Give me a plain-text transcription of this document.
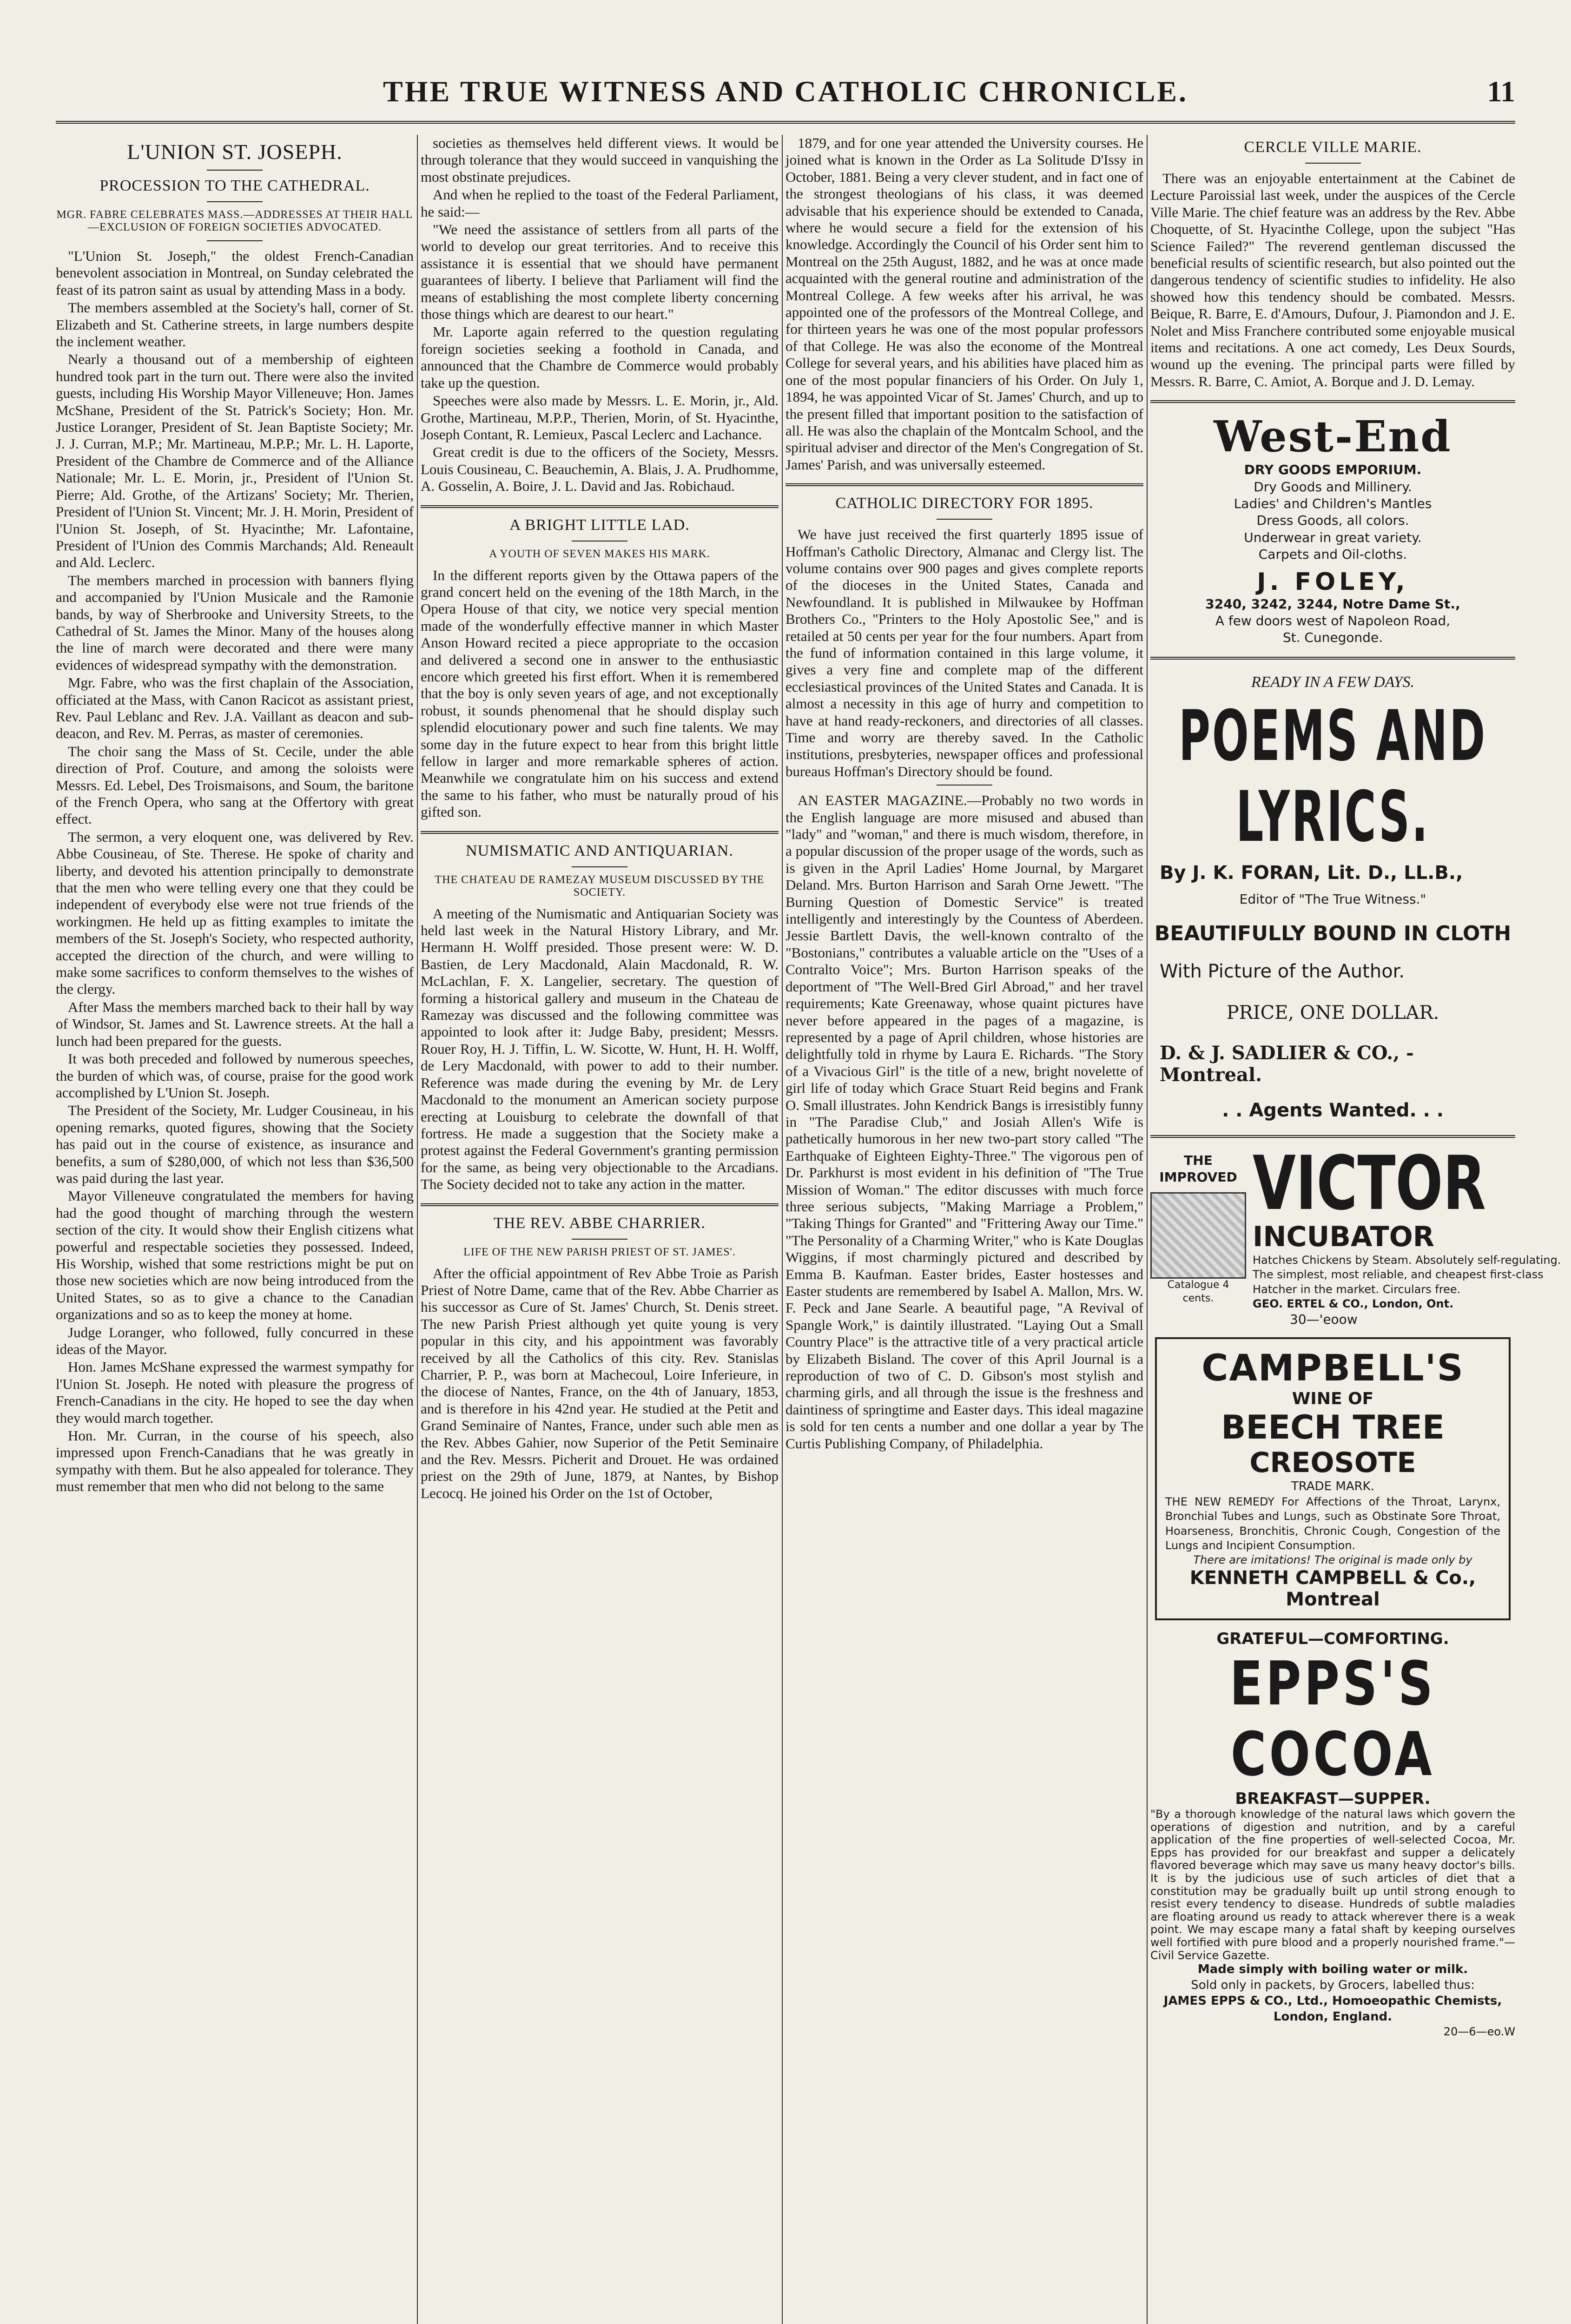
THE TRUE WITNESS AND CATHOLIC CHRONICLE.	11
L'UNION ST. JOSEPH.
PROCESSION TO THE CATHEDRAL.
MGR. FABRE CELEBRATES MASS.—ADDRESSES AT THEIR HALL—EXCLUSION OF FOREIGN SOCIETIES ADVOCATED.

"L'Union St. Joseph," the oldest French-Canadian benevolent association in Montreal, on Sunday celebrated the feast of its patron saint as usual by attending Mass in a body.

The members assembled at the Society's hall, corner of St. Elizabeth and St. Catherine streets, in large numbers despite the inclement weather.

Nearly a thousand out of a membership of eighteen hundred took part in the turn out. There were also the invited guests, including His Worship Mayor Villeneuve; Hon. James McShane, President of the St. Patrick's Society; Hon. Mr. Justice Loranger, President of St. Jean Baptiste Society; Mr. J. J. Curran, M.P.; Mr. Martineau, M.P.P.; Mr. L. H. Laporte, President of the Chambre de Commerce and of the Alliance Nationale; Mr. L. E. Morin, jr., President of l'Union St. Pierre; Ald. Grothe, of the Artizans' Society; Mr. Therien, President of l'Union St. Vincent; Mr. J. H. Morin, President of l'Union St. Joseph, of St. Hyacinthe; Mr. Lafontaine, President of l'Union des Commis Marchands; Ald. Reneault and Ald. Leclerc.

The members marched in procession with banners flying and accompanied by l'Union Musicale and the Ramonie bands, by way of Sherbrooke and University Streets, to the Cathedral of St. James the Minor. Many of the houses along the line of march were decorated and there were many evidences of widespread sympathy with the demonstration.

Mgr. Fabre, who was the first chaplain of the Association, officiated at the Mass, with Canon Racicot as assistant priest, Rev. Paul Leblanc and Rev. J.A. Vaillant as deacon and sub-deacon, and Rev. M. Perras, as master of ceremonies.

The choir sang the Mass of St. Cecile, under the able direction of Prof. Couture, and among the soloists were Messrs. Ed. Lebel, Des Troismaisons, and Soum, the baritone of the French Opera, who sang at the Offertory with great effect.

The sermon, a very eloquent one, was delivered by Rev. Abbe Cousineau, of Ste. Therese. He spoke of charity and liberty, and devoted his attention principally to demonstrate that the men who were telling every one that they could be independent of everybody else were not true friends of the workingmen. He held up as fitting examples to imitate the members of the St. Joseph's Society, who respected authority, accepted the direction of the church, and were willing to make some sacrifices to conform themselves to the wishes of the clergy.

After Mass the members marched back to their hall by way of Windsor, St. James and St. Lawrence streets. At the hall a lunch had been prepared for the guests.

It was both preceded and followed by numerous speeches, the burden of which was, of course, praise for the good work accomplished by L'Union St. Joseph.

The President of the Society, Mr. Ludger Cousineau, in his opening remarks, quoted figures, showing that the Society has paid out in the course of existence, as insurance and benefits, a sum of $280,000, of which not less than $36,500 was paid during the last year.

Mayor Villeneuve congratulated the members for having had the good thought of marching through the western section of the city. It would show their English citizens what powerful and respectable societies they possessed. Indeed, His Worship, wished that some restrictions might be put on those new societies which are now being introduced from the United States, so as to give a chance to the Canadian organizations and so as to keep the money at home.

Judge Loranger, who followed, fully concurred in these ideas of the Mayor.

Hon. James McShane expressed the warmest sympathy for l'Union St. Joseph. He noted with pleasure the progress of French-Canadians in the city. He hoped to see the day when they would march together.

Hon. Mr. Curran, in the course of his speech, also impressed upon French-Canadians that he was greatly in sympathy with them. But he also appealed for tolerance. They must remember that men who did not belong to the same

societies as themselves held different views. It would be through tolerance that they would succeed in vanquishing the most obstinate prejudices.

And when he replied to the toast of the Federal Parliament, he said:—

"We need the assistance of settlers from all parts of the world to develop our great territories. And to receive this assistance it is essential that we should have permanent guarantees of liberty. I believe that Parliament will find the means of establishing the most complete liberty concerning those things which are dearest to our heart."

Mr. Laporte again referred to the question regulating foreign societies seeking a foothold in Canada, and announced that the Chambre de Commerce would probably take up the question.

Speeches were also made by Messrs. L. E. Morin, jr., Ald. Grothe, Martineau, M.P.P., Therien, Morin, of St. Hyacinthe, Joseph Contant, R. Lemieux, Pascal Leclerc and Lachance.

Great credit is due to the officers of the Society, Messrs. Louis Cousineau, C. Beauchemin, A. Blais, J. A. Prudhomme, A. Gosselin, A. Boire, J. L. David and Jas. Robichaud.

A BRIGHT LITTLE LAD.
A YOUTH OF SEVEN MAKES HIS MARK.

In the different reports given by the Ottawa papers of the grand concert held on the evening of the 18th March, in the Opera House of that city, we notice very special mention made of the wonderfully effective manner in which Master Anson Howard recited a piece appropriate to the occasion and delivered a second one in answer to the enthusiastic encore which greeted his first effort. When it is remembered that the boy is only seven years of age, and not exceptionally robust, it sounds phenomenal that he should display such splendid elocutionary power and such fine talents. We may some day in the future expect to hear from this bright little fellow in larger and more remarkable spheres of action. Meanwhile we congratulate him on his success and extend the same to his father, who must be naturally proud of his gifted son.

NUMISMATIC AND ANTIQUARIAN.
THE CHATEAU DE RAMEZAY MUSEUM DISCUSSED BY THE SOCIETY.

A meeting of the Numismatic and Antiquarian Society was held last week in the Natural History Library, and Mr. Hermann H. Wolff presided. Those present were: W. D. Bastien, de Lery Macdonald, Alain Macdonald, R. W. McLachlan, F. X. Langelier, secretary. The question of forming a historical gallery and museum in the Chateau de Ramezay was discussed and the following committee was appointed to look after it: Judge Baby, president; Messrs. Rouer Roy, H. J. Tiffin, L. W. Sicotte, W. Hunt, H. H. Wolff, de Lery Macdonald, with power to add to their number. Reference was made during the evening by Mr. de Lery Macdonald to the monument an American society purpose erecting at Louisburg to celebrate the downfall of that fortress. He made a suggestion that the Society make a protest against the Federal Government's granting permission for the same, as being very objectionable to the Arcadians. The Society decided not to take any action in the matter.

THE REV. ABBE CHARRIER.
LIFE OF THE NEW PARISH PRIEST OF ST. JAMES'.

After the official appointment of Rev Abbe Troie as Parish Priest of Notre Dame, came that of the Rev. Abbe Charrier as his successor as Cure of St. James' Church, St. Denis street. The new Parish Priest although yet quite young is very popular in this city, and his appointment was favorably received by all the Catholics of this city. Rev. Stanislas Charrier, P. P., was born at Machecoul, Loire Inferieure, in the diocese of Nantes, France, on the 4th of January, 1853, and is therefore in his 42nd year. He studied at the Petit and Grand Seminaire of Nantes, France, under such able men as the Rev. Abbes Gahier, now Superior of the Petit Seminaire and the Rev. Messrs. Picherit and Drouet. He was ordained priest on the 29th of June, 1879, at Nantes, by Bishop Lecocq. He joined his Order on the 1st of October,

1879, and for one year attended the University courses. He joined what is known in the Order as La Solitude D'Issy in October, 1881. Being a very clever student, and in fact one of the strongest theologians of his class, it was deemed advisable that his experience should be extended to Canada, where he would secure a field for the extension of his knowledge. Accordingly the Council of his Order sent him to Montreal on the 25th August, 1882, and he was at once made acquainted with the general routine and administration of the Montreal College. A few weeks after his arrival, he was appointed one of the professors of the Montreal College, and for thirteen years he was one of the most popular professors of that College. He was also the econome of the Montreal College for several years, and his abilities have placed him as one of the most popular financiers of his Order. On July 1, 1894, he was appointed Vicar of St. James' Church, and up to the present filled that important position to the satisfaction of all. He was also the chaplain of the Montcalm School, and the spiritual adviser and director of the Men's Congregation of St. James' Parish, and was universally esteemed.

CATHOLIC DIRECTORY FOR 1895.

We have just received the first quarterly 1895 issue of Hoffman's Catholic Directory, Almanac and Clergy list. The volume contains over 900 pages and gives complete reports of the dioceses in the United States, Canada and Newfoundland. It is published in Milwaukee by Hoffman Brothers Co., "Printers to the Holy Apostolic See," and is retailed at 50 cents per year for the four numbers. Apart from the fund of information contained in this large volume, it gives a very fine and complete map of the different ecclesiastical provinces of the United States and Canada. It is almost a necessity in this age of hurry and competition to have at hand ready-reckoners, and directories of all classes. Time and worry are thereby saved. In the Catholic institutions, presbyteries, newspaper offices and professional bureaus Hoffman's Directory should be found.

AN EASTER MAGAZINE.—Probably no two words in the English language are more misused and abused than "lady" and "woman," and there is much wisdom, therefore, in a popular discussion of the proper usage of the words, such as is given in the April Ladies' Home Journal, by Margaret Deland. Mrs. Burton Harrison and Sarah Orne Jewett. "The Burning Question of Domestic Service" is treated intelligently and interestingly by the Countess of Aberdeen. Jessie Bartlett Davis, the well-known contralto of the "Bostonians," contributes a valuable article on the "Uses of a Contralto Voice"; Mrs. Burton Harrison speaks of the deportment of "The Well-Bred Girl Abroad," and her travel requirements; Kate Greenaway, whose quaint pictures have never before appeared in the pages of a magazine, is represented by a page of April children, whose histories are delightfully told in rhyme by Laura E. Richards. "The Story of a Vivacious Girl" is the title of a new, bright novelette of girl life of today which Grace Stuart Reid begins and Frank O. Small illustrates. John Kendrick Bangs is irresistibly funny in "The Paradise Club," and Josiah Allen's Wife is pathetically humorous in her new two-part story called "The Earthquake of Eighteen Eighty-Three." The vigorous pen of Dr. Parkhurst is most evident in his definition of "The True Mission of Woman." The editor discusses with much force three serious subjects, "Making Marriage a Problem," "Taking Things for Granted" and "Frittering Away our Time." "The Personality of a Charming Writer," who is Kate Douglas Wiggins, if most charmingly pictured and described by Emma B. Kaufman. Easter brides, Easter hostesses and Easter students are remembered by Isabel A. Mallon, Mrs. W. F. Peck and Jane Searle. A beautiful page, "A Revival of Spangle Work," is daintily illustrated. "Laying Out a Small Country Place" is the attractive title of a very practical article by Elizabeth Bisland. The cover of this April Journal is a reproduction of two of C. D. Gibson's most stylish and charming girls, and all through the issue is the freshness and daintiness of springtime and Easter days. This ideal magazine is sold for ten cents a number and one dollar a year by The Curtis Publishing Company, of Philadelphia.

CERCLE VILLE MARIE.

There was an enjoyable entertainment at the Cabinet de Lecture Paroissial last week, under the auspices of the Cercle Ville Marie. The chief feature was an address by the Rev. Abbe Choquette, of St. Hyacinthe College, upon the subject "Has Science Failed?" The reverend gentleman discussed the beneficial results of scientific research, but also pointed out the dangerous tendency of scientific studies to infidelity. He also showed how this tendency should be combated. Messrs. Beique, R. Barre, E. d'Amours, Dufour, J. Piamondon and J. E. Nolet and Miss Franchere contributed some enjoyable musical items and recitations. A one act comedy, Les Deux Sourds, wound up the evening. The principal parts were filled by Messrs. R. Barre, C. Amiot, A. Borque and J. D. Lemay.

West-End
DRY GOODS EMPORIUM.
Dry Goods and Millinery.
Ladies' and Children's Mantles
Dress Goods, all colors.
Underwear in great variety.
Carpets and Oil-cloths.
J. FOLEY,
3240, 3242, 3244, Notre Dame St.,
A few doors west of Napoleon Road,
St. Cunegonde.
READY IN A FEW DAYS.
POEMS AND LYRICS.
By J. K. FORAN, Lit. D., LL.B.,
Editor of "The True Witness."
BEAUTIFULLY BOUND IN CLOTH
With Picture of the Author.
PRICE, ONE DOLLAR.
D. & J. SADLIER & CO., - Montreal.
. . Agents Wanted. . .
THE IMPROVED
Catalogue 4 cents.
VICTOR
INCUBATOR
Hatches Chickens by Steam. Absolutely self-regulating. The simplest, most reliable, and cheapest first-class Hatcher in the market. Circulars free.
GEO. ERTEL & CO., London, Ont.
30—'eoow
CAMPBELL'S
WINE OF
BEECH TREE
CREOSOTE
TRADE MARK.
THE NEW REMEDY For Affections of the Throat, Larynx, Bronchial Tubes and Lungs, such as Obstinate Sore Throat, Hoarseness, Bronchitis, Chronic Cough, Congestion of the Lungs and Incipient Consumption.
There are imitations! The original is made only by
KENNETH CAMPBELL & Co., Montreal
GRATEFUL—COMFORTING.
EPPS'S COCOA
BREAKFAST—SUPPER.
"By a thorough knowledge of the natural laws which govern the operations of digestion and nutrition, and by a careful application of the fine properties of well-selected Cocoa, Mr. Epps has provided for our breakfast and supper a delicately flavored beverage which may save us many heavy doctor's bills. It is by the judicious use of such articles of diet that a constitution may be gradually built up until strong enough to resist every tendency to disease. Hundreds of subtle maladies are floating around us ready to attack wherever there is a weak point. We may escape many a fatal shaft by keeping ourselves well fortified with pure blood and a properly nourished frame."—Civil Service Gazette.
Made simply with boiling water or milk.
Sold only in packets, by Grocers, labelled thus:
JAMES EPPS & CO., Ltd., Homoeopathic Chemists, London, England.
20—6—eo.W
